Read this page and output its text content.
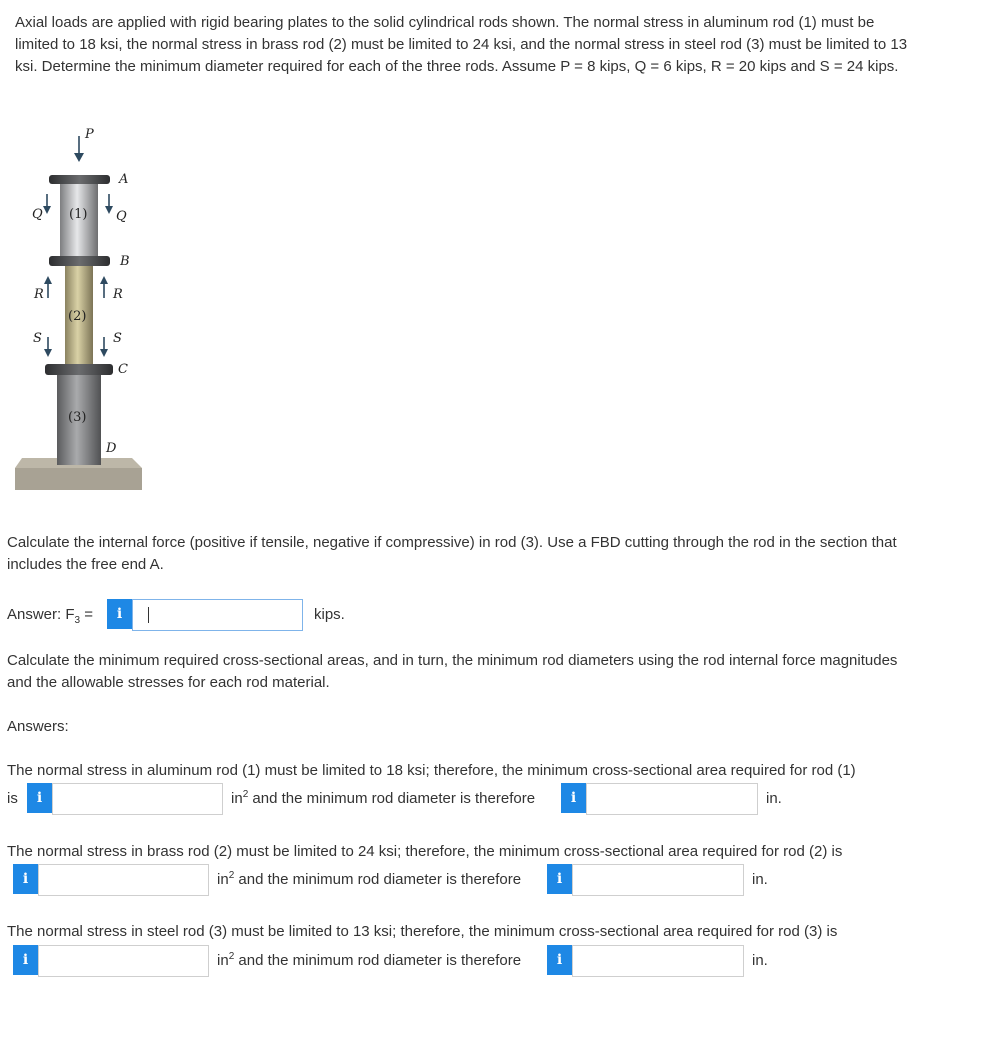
Axial loads are applied with rigid bearing plates to the solid cylindrical rods shown. The normal stress in aluminum rod (1) must be limited to 18 ksi, the normal stress in brass rod (2) must be limited to 24 ksi, and the normal stress in steel rod (3) must be limited to 13 ksi. Determine the minimum diameter required for each of the three rods. Assume P = 8 kips, Q = 6 kips, R = 20 kips and S = 24 kips.
P
A
Q	Q
(1)
B
R	R
(2)
S	S
C
(3)
D
Calculate the internal force (positive if tensile, negative if compressive) in rod (3). Use a FBD cutting through the rod in the section that includes the free end A.
Answer: $F_3$ =	i	kips.
Calculate the minimum required cross-sectional areas, and in turn, the minimum rod diameters using the rod internal force magnitudes and the allowable stresses for each rod material.
Answers:
The normal stress in aluminum rod (1) must be limited to 18 ksi; therefore, the minimum cross-sectional area required for rod (1)
is	i	$in^2$ and the minimum rod diameter is therefore	i	in.
The normal stress in brass rod (2) must be limited to 24 ksi; therefore, the minimum cross-sectional area required for rod (2) is
i	$in^2$ and the minimum rod diameter is therefore	i	in.
The normal stress in steel rod (3) must be limited to 13 ksi; therefore, the minimum cross-sectional area required for rod (3) is
i	$in^2$ and the minimum rod diameter is therefore	i	in.
